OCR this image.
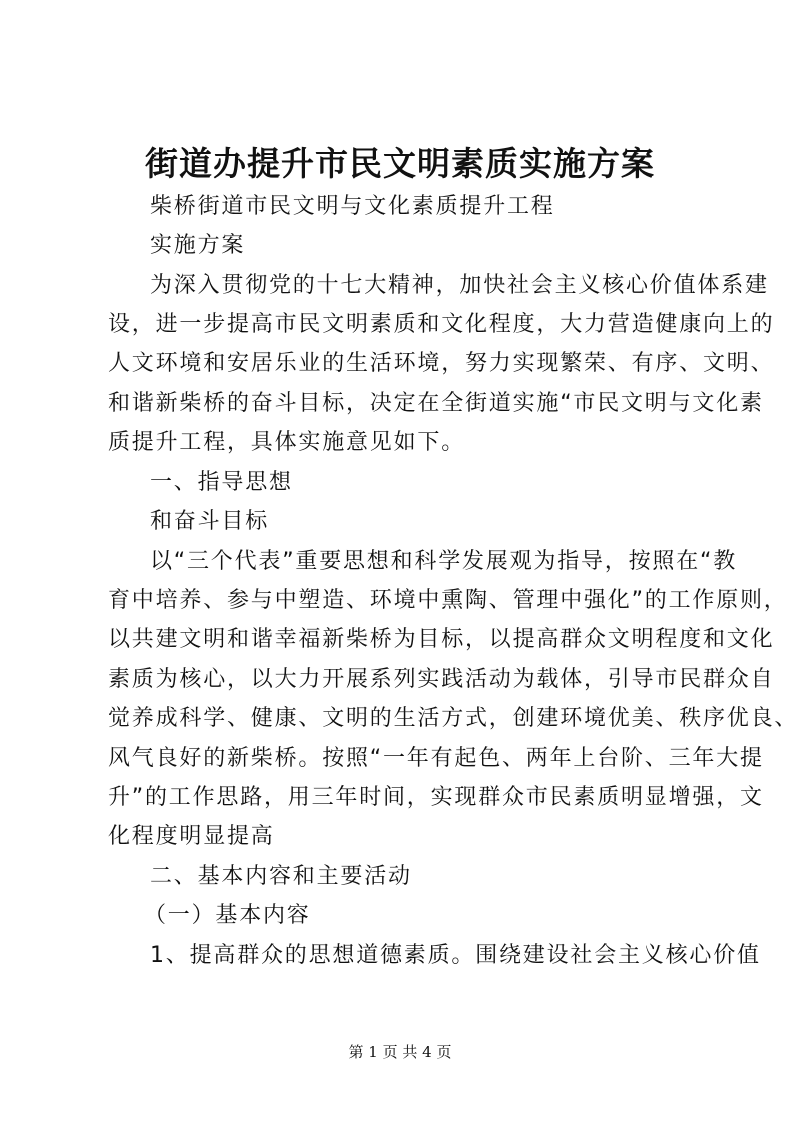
街道办提升市民文明素质实施方案
柴桥街道市民文明与文化素质提升工程
实施方案
为深入贯彻党的十七大精神，加快社会主义核心价值体系建
设，进一步提高市民文明素质和文化程度，大力营造健康向上的
人文环境和安居乐业的生活环境，努力实现繁荣、有序、文明、
和谐新柴桥的奋斗目标，决定在全街道实施“市民文明与文化素
质提升工程，具体实施意见如下。
一、指导思想
和奋斗目标
以“三个代表”重要思想和科学发展观为指导，按照在“教
育中培养、参与中塑造、环境中熏陶、管理中强化”的工作原则，
以共建文明和谐幸福新柴桥为目标，以提高群众文明程度和文化
素质为核心，以大力开展系列实践活动为载体，引导市民群众自
觉养成科学、健康、文明的生活方式，创建环境优美、秩序优良、
风气良好的新柴桥。按照“一年有起色、两年上台阶、三年大提
升”的工作思路，用三年时间，实现群众市民素质明显增强，文
化程度明显提高
二、基本内容和主要活动
（一）基本内容
1、提高群众的思想道德素质。围绕建设社会主义核心价值
第 1 页 共 4 页
